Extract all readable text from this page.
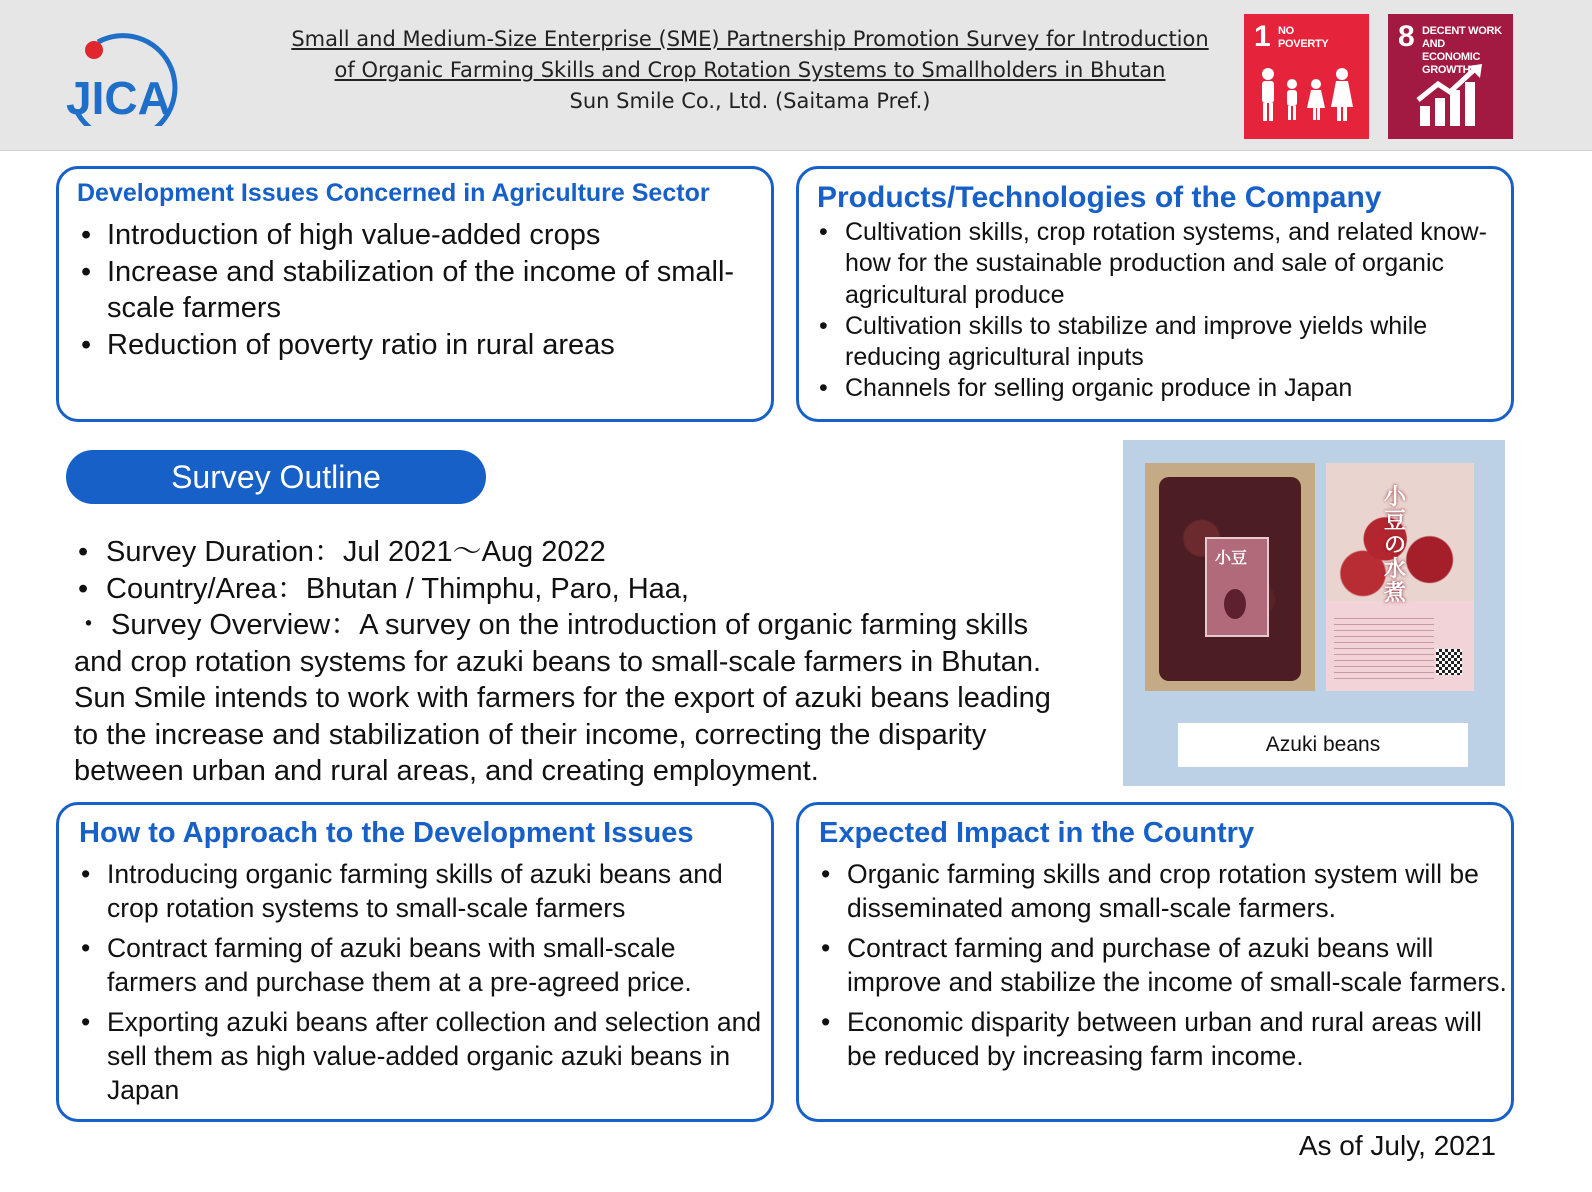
JICA
Small and Medium-Size Enterprise (SME) Partnership Promotion Survey for Introduction
of Organic Farming Skills and Crop Rotation Systems to Smallholders in Bhutan
Sun Smile Co., Ltd. (Saitama Pref.)
1 NO
POVERTY 8 DECENT WORK AND
ECONOMIC GROWTH
Development Issues Concerned in Agriculture Sector
• Introduction of high value-added crops
• Increase and stabilization of the income of small-scale farmers
• Reduction of poverty ratio in rural areas
Products/Technologies of the Company
• Cultivation skills, crop rotation systems, and related know-how for the sustainable production and sale of organic agricultural produce
• Cultivation skills to stabilize and improve yields while reducing agricultural inputs
• Channels for selling organic produce in Japan
Survey Outline
• Survey Duration：Jul 2021～Aug 2022
• Country/Area：Bhutan / Thimphu, Paro, Haa,
・ Survey Overview：A survey on the introduction of organic farming skills
and crop rotation systems for azuki beans to small-scale farmers in Bhutan. Sun Smile intends to work with farmers for the export of azuki beans leading to the increase and stabilization of their income, correcting the disparity between urban and rural areas, and creating employment.
小豆
小豆の水煮
Azuki beans
How to Approach to the Development Issues
• Introducing organic farming skills of azuki beans and crop rotation systems to small-scale farmers
• Contract farming of azuki beans with small-scale farmers and purchase them at a pre-agreed price.
• Exporting azuki beans after collection and selection and sell them as high value-added organic azuki beans in Japan
Expected Impact in the Country
• Organic farming skills and crop rotation system will be disseminated among small-scale farmers.
• Contract farming and purchase of azuki beans will improve and stabilize the income of small-scale farmers.
• Economic disparity between urban and rural areas will be reduced by increasing farm income.
As of July, 2021
